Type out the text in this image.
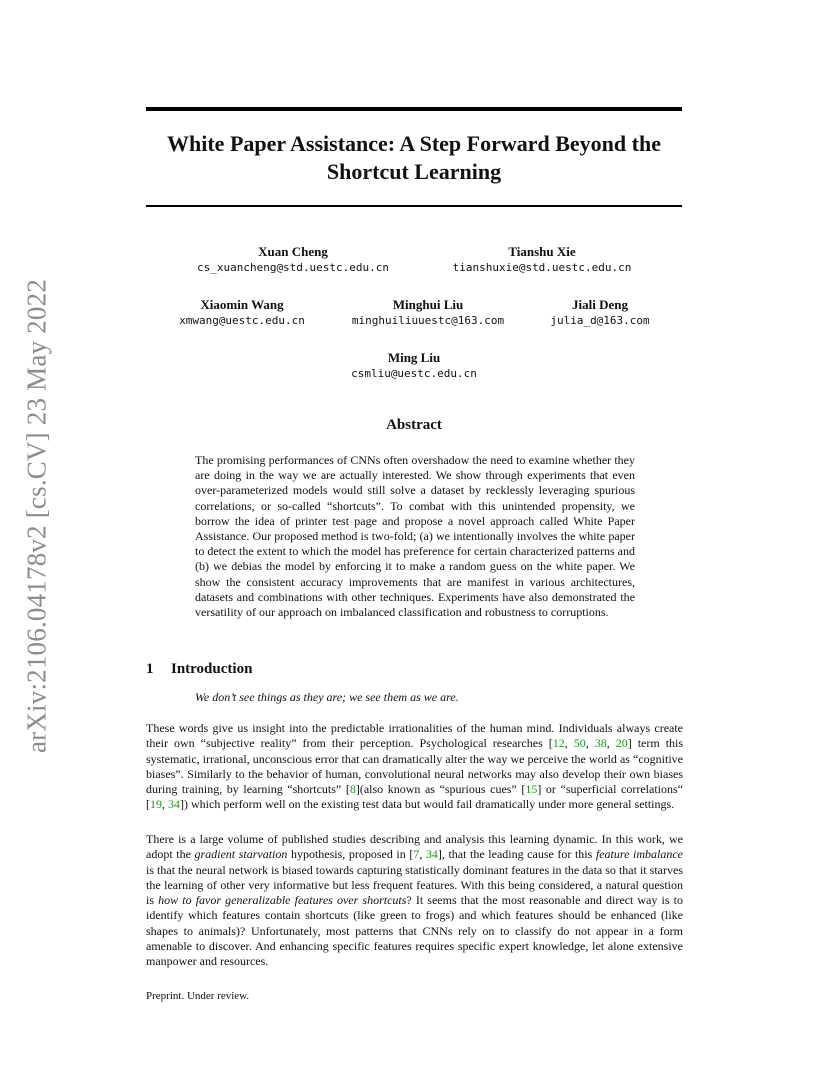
arXiv:2106.04178v2 [cs.CV] 23 May 2022
White Paper Assistance: A Step Forward Beyond the Shortcut Learning
Xuan Cheng
cs_xuancheng@std.uestc.edu.cn
Tianshu Xie
tianshuxie@std.uestc.edu.cn
Xiaomin Wang
xmwang@uestc.edu.cn
Minghui Liu
minghuiliuuestc@163.com
Jiali Deng
julia_d@163.com
Ming Liu
csmliu@uestc.edu.cn
Abstract

The promising performances of CNNs often overshadow the need to examine whether they are doing in the way we are actually interested. We show through experiments that even over-parameterized models would still solve a dataset by recklessly leveraging spurious correlations, or so-called “shortcuts”. To combat with this unintended propensity, we borrow the idea of printer test page and propose a novel approach called White Paper Assistance. Our proposed method is two-fold; (a) we intentionally involves the white paper to detect the extent to which the model has preference for certain characterized patterns and (b) we debias the model by enforcing it to make a random guess on the white paper. We show the consistent accuracy improvements that are manifest in various architectures, datasets and combinations with other techniques. Experiments have also demonstrated the versatility of our approach on imbalanced classification and robustness to corruptions.

1 Introduction
We don’t see things as they are; we see them as we are.

These words give us insight into the predictable irrationalities of the human mind. Individuals always create their own “subjective reality” from their perception. Psychological researches [12, 50, 38, 20] term this systematic, irrational, unconscious error that can dramatically alter the way we perceive the world as “cognitive biases”. Similarly to the behavior of human, convolutional neural networks may also develop their own biases during training, by learning “shortcuts” [8](also known as “spurious cues” [15] or “superficial correlations“ [19, 34]) which perform well on the existing test data but would fail dramatically under more general settings.

There is a large volume of published studies describing and analysis this learning dynamic. In this work, we adopt the gradient starvation hypothesis, proposed in [7, 34], that the leading cause for this feature imbalance is that the neural network is biased towards capturing statistically dominant features in the data so that it starves the learning of other very informative but less frequent features. With this being considered, a natural question is how to favor generalizable features over shortcuts? It seems that the most reasonable and direct way is to identify which features contain shortcuts (like green to frogs) and which features should be enhanced (like shapes to animals)? Unfortunately, most patterns that CNNs rely on to classify do not appear in a form amenable to discover. And enhancing specific features requires specific expert knowledge, let alone extensive manpower and resources.

Preprint. Under review.
